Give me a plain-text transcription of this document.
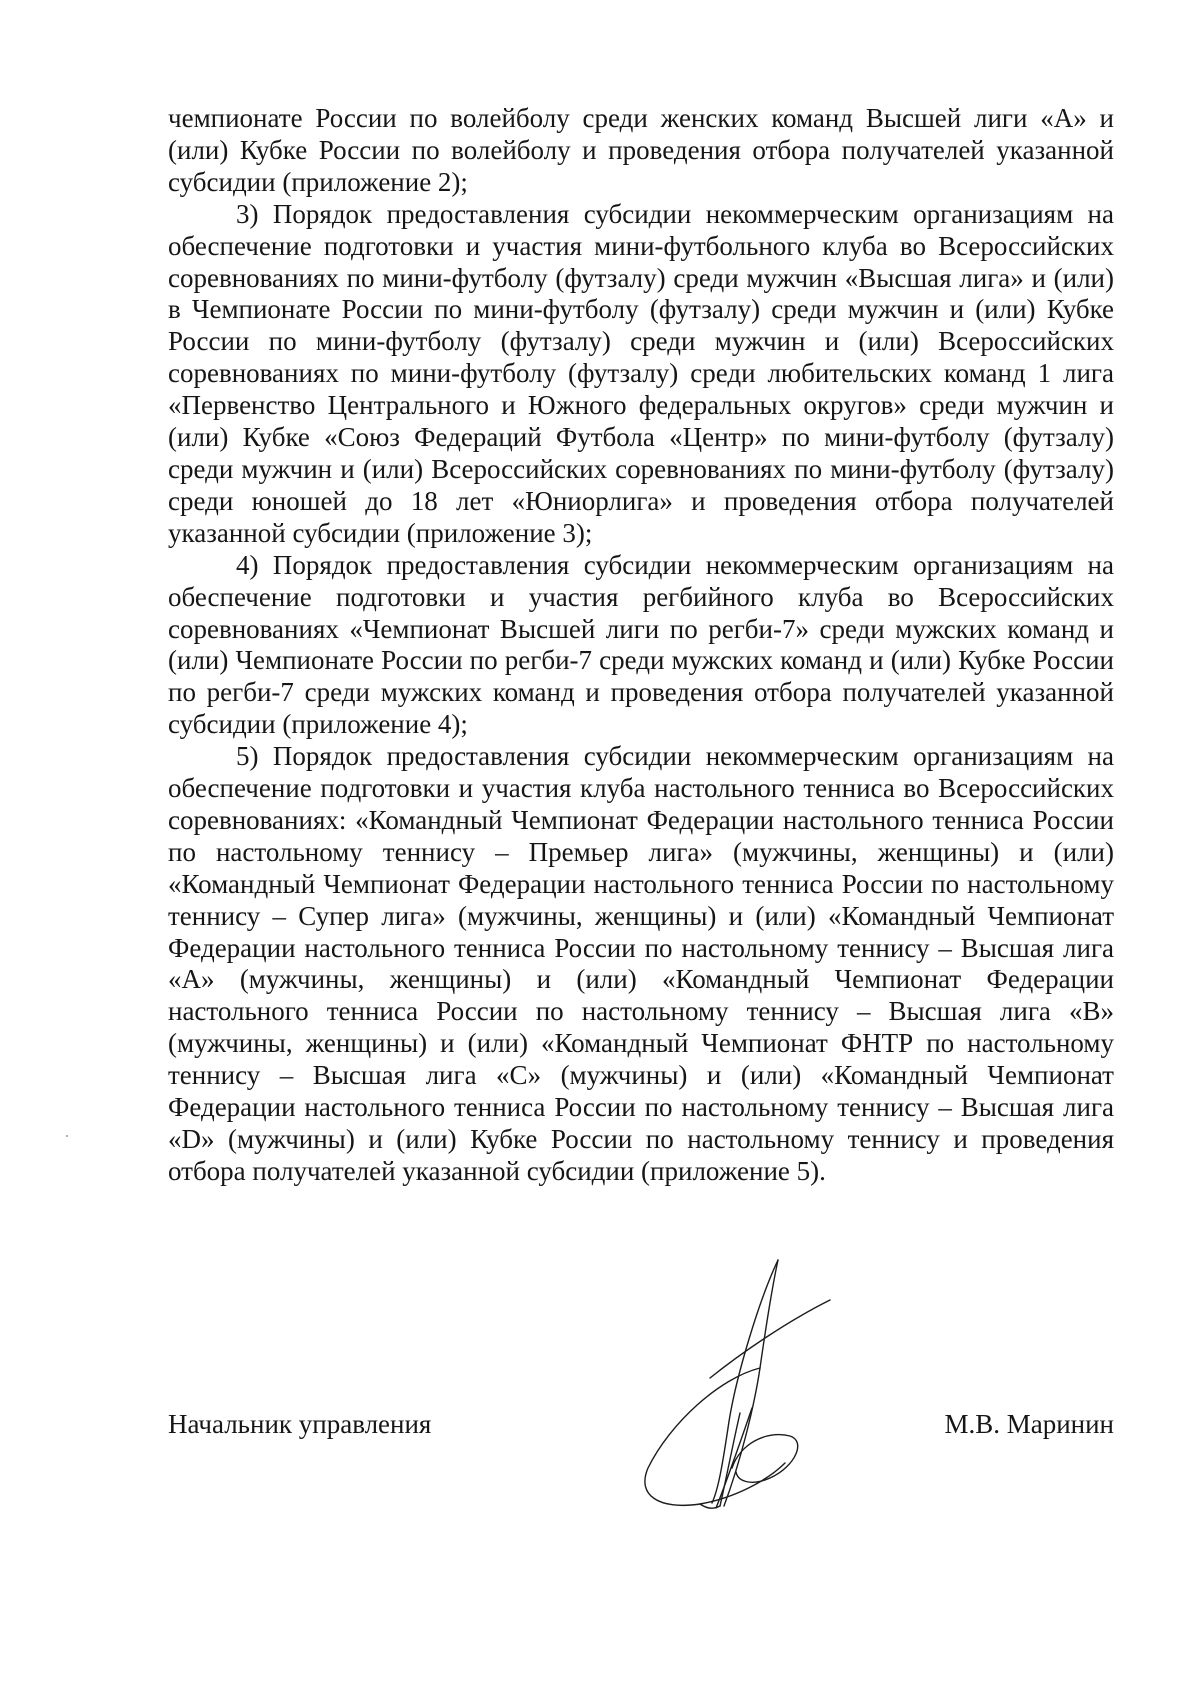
чемпионате России по волейболу среди женских команд Высшей лиги «А» и (или) Кубке России по волейболу и проведения отбора получателей указанной субсидии (приложение 2);

3) Порядок предоставления субсидии некоммерческим организациям на обеспечение подготовки и участия мини-футбольного клуба во Всероссийских соревнованиях по мини-футболу (футзалу) среди мужчин «Высшая лига» и (или) в Чемпионате России по мини-футболу (футзалу) среди мужчин и (или) Кубке России по мини-футболу (футзалу) среди мужчин и (или) Всероссийских соревнованиях по мини-футболу (футзалу) среди любительских команд 1 лига «Первенство Центрального и Южного федеральных округов» среди мужчин и (или) Кубке «Союз Федераций Футбола «Центр» по мини-футболу (футзалу) среди мужчин и (или) Всероссийских соревнованиях по мини-футболу (футзалу) среди юношей до 18 лет «Юниорлига» и проведения отбора получателей указанной субсидии (приложение 3);

4) Порядок предоставления субсидии некоммерческим организациям на обеспечение подготовки и участия регбийного клуба во Всероссийских соревнованиях «Чемпионат Высшей лиги по регби-7» среди мужских команд и (или) Чемпионате России по регби-7 среди мужских команд и (или) Кубке России по регби-7 среди мужских команд и проведения отбора получателей указанной субсидии (приложение 4);

5) Порядок предоставления субсидии некоммерческим организациям на обеспечение подготовки и участия клуба настольного тенниса во Всероссийских соревнованиях: «Командный Чемпионат Федерации настольного тенниса России по настольному теннису – Премьер лига» (мужчины, женщины) и (или) «Командный Чемпионат Федерации настольного тенниса России по настольному теннису – Супер лига» (мужчины, женщины) и (или) «Командный Чемпионат Федерации настольного тенниса России по настольному теннису – Высшая лига «А» (мужчины, женщины) и (или) «Командный Чемпионат Федерации настольного тенниса России по настольному теннису – Высшая лига «В» (мужчины, женщины) и (или) «Командный Чемпионат ФНТР по настольному теннису – Высшая лига «С» (мужчины) и (или) «Командный Чемпионат Федерации настольного тенниса России по настольному теннису – Высшая лига «D» (мужчины) и (или) Кубке России по настольному теннису и проведения отбора получателей указанной субсидии (приложение 5).

Начальник управления	М.В. Маринин
